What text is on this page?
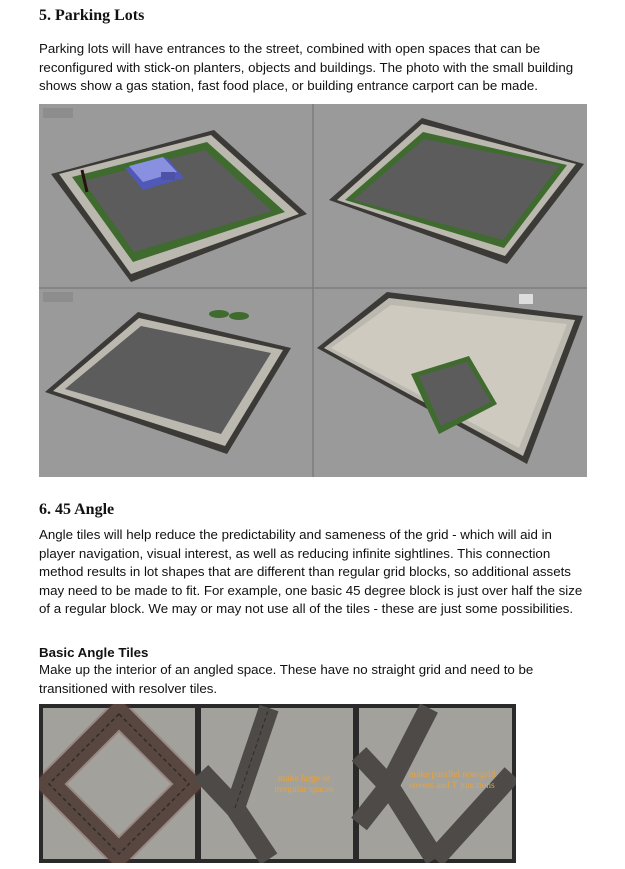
5. Parking Lots

Parking lots will have entrances to the street, combined with open spaces that can be reconfigured with stick-on planters, objects and buildings. The photo with the small building shows show a gas station, fast food place, or building entrance carport can be made.

6. 45 Angle

Angle tiles will help reduce the predictability and sameness of the grid - which will aid in player navigation, visual interest, as well as reducing infinite sightlines. This connection method results in lot shapes that are different than regular grid blocks, so additional assets may need to be made to fit. For example, one basic 45 degree block is just over half the size of a regular block. We may or may not use all of the tiles - these are just some possibilities.

Basic Angle Tiles

Make up the interior of an angled space. These have no straight grid and need to be transitioned with resolver tiles.

make large or irregular spaces
make parallel non-grid streets and T junctions
